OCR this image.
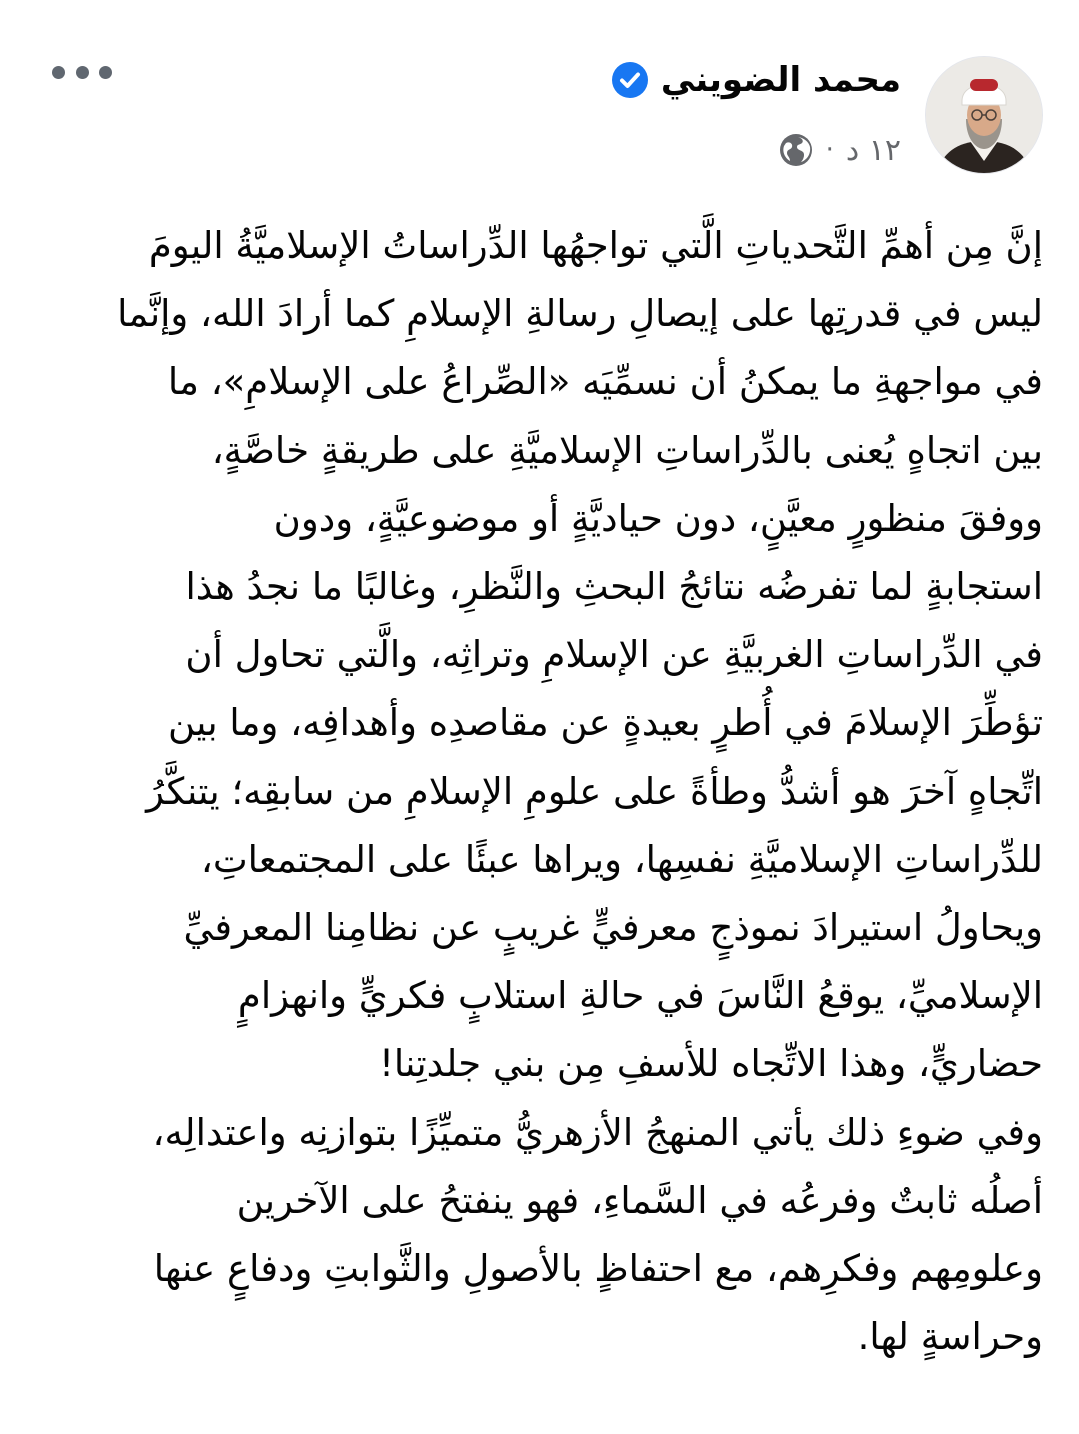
محمد الضويني
١٢ د
·

إنَّ مِن أهمِّ التَّحدياتِ الَّتي تواجهُها الدِّراساتُ الإسلاميَّةُ اليومَ

ليس في قدرتِها على إيصالِ رسالةِ الإسلامِ كما أرادَ الله، وإنَّما

في مواجهةِ ما يمكنُ أن نسمِّيَه «الصِّراعُ على الإسلامِ»، ما

بين اتجاهٍ يُعنى بالدِّراساتِ الإسلاميَّةِ على طريقةٍ خاصَّةٍ،

ووفقَ منظورٍ معيَّنٍ، دون حياديَّةٍ أو موضوعيَّةٍ، ودون

استجابةٍ لما تفرضُه نتائجُ البحثِ والنَّظرِ، وغالبًا ما نجدُ هذا

في الدِّراساتِ الغربيَّةِ عن الإسلامِ وتراثِه، والَّتي تحاول أن

تؤطِّرَ الإسلامَ في أُطرٍ بعيدةٍ عن مقاصدِه وأهدافِه، وما بين

اتِّجاهٍ آخرَ هو أشدُّ وطأةً على علومِ الإسلامِ من سابقِه؛ يتنكَّرُ

للدِّراساتِ الإسلاميَّةِ نفسِها، ويراها عبئًا على المجتمعاتِ،

ويحاولُ استيرادَ نموذجٍ معرفيٍّ غريبٍ عن نظامِنا المعرفيِّ

الإسلاميِّ، يوقعُ النَّاسَ في حالةِ استلابٍ فكريٍّ وانهزامٍ

حضاريٍّ، وهذا الاتِّجاه للأسفِ مِن بني جلدتِنا!

وفي ضوءِ ذلك يأتي المنهجُ الأزهريُّ متميِّزًا بتوازنِه واعتدالِه،

أصلُه ثابتٌ وفرعُه في السَّماءِ، فهو ينفتحُ على الآخرين

وعلومِهم وفكرِهم، مع احتفاظٍ بالأصولِ والثَّوابتِ ودفاعٍ عنها

وحراسةٍ لها.
